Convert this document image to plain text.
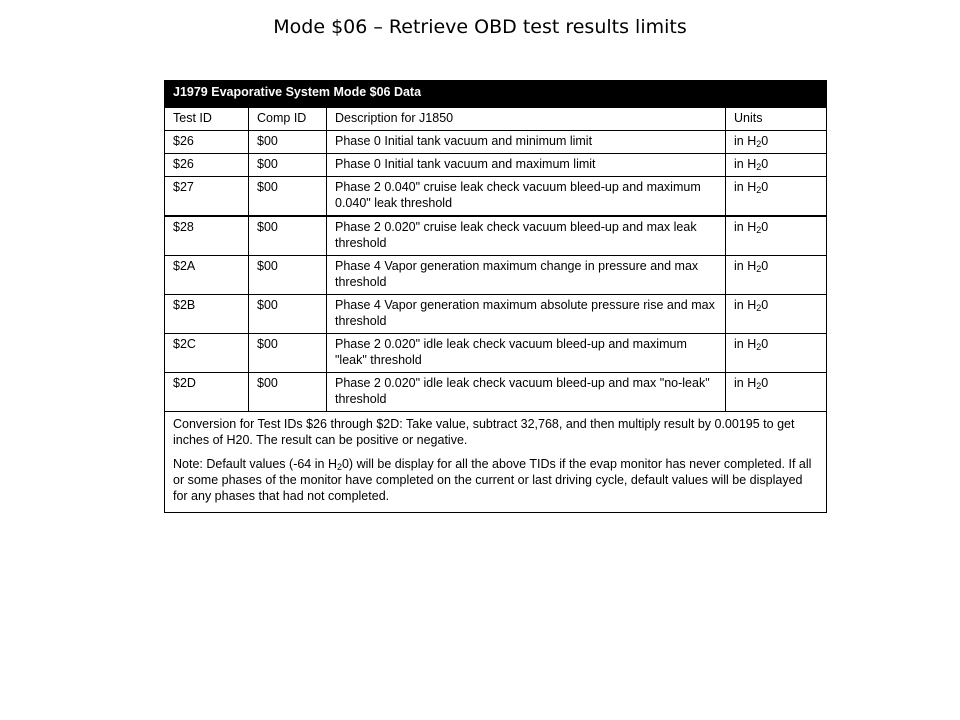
Mode $06 – Retrieve OBD test results limits
J1979 Evaporative System Mode $06 Data			
Test ID	Comp ID	Description for J1850	Units
$26	$00	Phase 0 Initial tank vacuum and minimum limit	in $H_20$
$26	$00	Phase 0 Initial tank vacuum and maximum limit	in $H_20$
$27	$00	Phase 2 0.040" cruise leak check vacuum bleed-up and maximum 0.040" leak threshold	in $H_20$
$28	$00	Phase 2 0.020" cruise leak check vacuum bleed-up and max leak threshold	in $H_20$
$2A	$00	Phase 4 Vapor generation maximum change in pressure and max threshold	in $H_20$
$2B	$00	Phase 4 Vapor generation maximum absolute pressure rise and max threshold	in $H_20$
$2C	$00	Phase 2 0.020" idle leak check vacuum bleed-up and maximum "leak" threshold	in $H_20$
$2D	$00	Phase 2 0.020" idle leak check vacuum bleed-up and max "no-leak" threshold	in $H_20$

Conversion for Test IDs $26 through $2D: Take value, subtract 32,768, and then multiply result by 0.00195 to get inches of H20. The result can be positive or negative.

Note: Default values (-64 in $H_20$) will be display for all the above TIDs if the evap monitor has never completed. If all or some phases of the monitor have completed on the current or last driving cycle, default values will be displayed for any phases that had not completed.			
